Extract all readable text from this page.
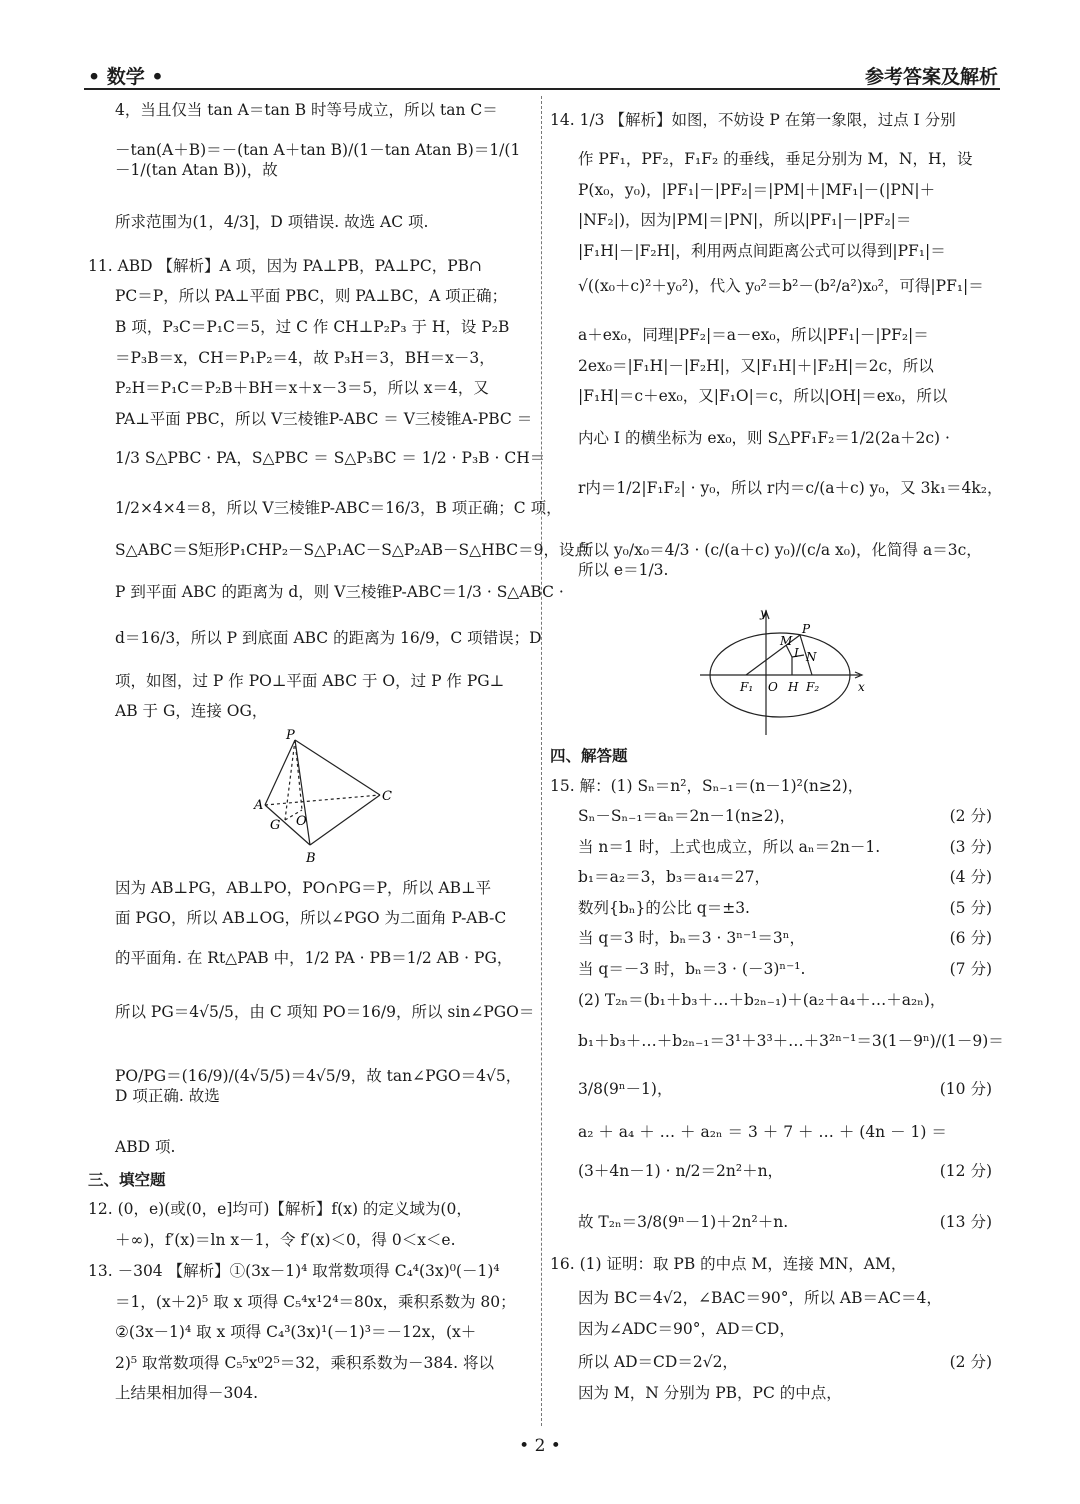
• 数学 •	参考答案及解析
4，当且仅当 tan A＝tan B 时等号成立，所以 tan C＝
－tan(A＋B)＝－(tan A＋tan B)/(1－tan Atan B)＝1/(1－1/(tan Atan B))，故
所求范围为(1，4/3]，D 项错误. 故选 AC 项.
11. ABD 【解析】A 项，因为 PA⊥PB，PA⊥PC，PB∩
PC＝P，所以 PA⊥平面 PBC，则 PA⊥BC，A 项正确；
B 项，P₃C＝P₁C＝5，过 C 作 CH⊥P₂P₃ 于 H，设 P₂B
＝P₃B＝x，CH＝P₁P₂＝4，故 P₃H＝3，BH＝x－3，
P₂H＝P₁C＝P₂B＋BH＝x＋x－3＝5，所以 x＝4，又
PA⊥平面 PBC，所以 V三棱锥P-ABC ＝ V三棱锥A-PBC ＝
1/3 S△PBC · PA，S△PBC ＝ S△P₃BC ＝ 1/2 · P₃B · CH＝
1/2×4×4＝8，所以 V三棱锥P-ABC＝16/3，B 项正确；C 项，
S△ABC＝S矩形P₁CHP₂－S△P₁AC－S△P₂AB－S△HBC＝9，设点
P 到平面 ABC 的距离为 d，则 V三棱锥P-ABC＝1/3 · S△ABC ·
d＝16/3，所以 P 到底面 ABC 的距离为 16/9，C 项错误；D
项，如图，过 P 作 PO⊥平面 ABC 于 O，过 P 作 PG⊥
AB 于 G，连接 OG，
因为 AB⊥PG，AB⊥PO，PO∩PG＝P，所以 AB⊥平
面 PGO，所以 AB⊥OG，所以∠PGO 为二面角 P-AB-C
的平面角. 在 Rt△PAB 中，1/2 PA · PB＝1/2 AB · PG，
所以 PG＝4√5/5，由 C 项知 PO＝16/9，所以 sin∠PGO＝
PO/PG＝(16/9)/(4√5/5)＝4√5/9，故 tan∠PGO＝4√5，D 项正确. 故选
ABD 项.
三、填空题
12. (0，e)(或(0，e]均可)【解析】f(x) 的定义域为(0，
＋∞)，f′(x)＝ln x－1，令 f′(x)＜0，得 0＜x＜e.
13. －304 【解析】①(3x－1)⁴ 取常数项得 C₄⁴(3x)⁰(－1)⁴
＝1，(x＋2)⁵ 取 x 项得 C₅⁴x¹2⁴＝80x，乘积系数为 80；
②(3x－1)⁴ 取 x 项得 C₄³(3x)¹(－1)³＝－12x，(x＋
2)⁵ 取常数项得 C₅⁵x⁰2⁵＝32，乘积系数为－384. 将以
上结果相加得－304.
14. 1/3 【解析】如图，不妨设 P 在第一象限，过点 I 分别
作 PF₁，PF₂，F₁F₂ 的垂线，垂足分别为 M，N，H，设
P(x₀，y₀)，|PF₁|－|PF₂|＝|PM|＋|MF₁|－(|PN|＋
|NF₂|)，因为|PM|＝|PN|，所以|PF₁|－|PF₂|＝
|F₁H|－|F₂H|，利用两点间距离公式可以得到|PF₁|＝
√((x₀＋c)²＋y₀²)，代入 y₀²＝b²－(b²/a²)x₀²，可得|PF₁|＝
a＋ex₀，同理|PF₂|＝a－ex₀，所以|PF₁|－|PF₂|＝
2ex₀＝|F₁H|－|F₂H|，又|F₁H|＋|F₂H|＝2c，所以
|F₁H|＝c＋ex₀，又|F₁O|＝c，所以|OH|＝ex₀，所以
内心 I 的横坐标为 ex₀，则 S△PF₁F₂＝1/2(2a＋2c) ·
r内＝1/2|F₁F₂| · y₀，所以 r内＝c/(a＋c) y₀，又 3k₁＝4k₂，
所以 y₀/x₀＝4/3 · (c/(a＋c) y₀)/(c/a x₀)，化简得 a＝3c，所以 e＝1/3.
四、解答题
15. 解：(1) Sₙ＝n²，Sₙ₋₁＝(n－1)²(n≥2)，
Sₙ－Sₙ₋₁＝aₙ＝2n－1(n≥2)，
当 n＝1 时，上式也成立，所以 aₙ＝2n－1.
b₁＝a₂＝3，b₃＝a₁₄＝27，
数列{bₙ}的公比 q＝±3.
当 q＝3 时，bₙ＝3 · 3ⁿ⁻¹＝3ⁿ，
当 q＝－3 时，bₙ＝3 · (－3)ⁿ⁻¹.
(2) T₂ₙ＝(b₁＋b₃＋…＋b₂ₙ₋₁)＋(a₂＋a₄＋…＋a₂ₙ)，
b₁＋b₃＋…＋b₂ₙ₋₁＝3¹＋3³＋…＋3²ⁿ⁻¹＝3(1－9ⁿ)/(1－9)＝
3/8(9ⁿ－1)，
a₂ ＋ a₄ ＋ … ＋ a₂ₙ ＝ 3 ＋ 7 ＋ … ＋ (4n － 1) ＝
(3＋4n－1) · n/2＝2n²＋n，
故 T₂ₙ＝3/8(9ⁿ－1)＋2n²＋n.
16. (1) 证明：取 PB 的中点 M，连接 MN，AM，
因为 BC＝4√2，∠BAC＝90°，所以 AB＝AC＝4，
因为∠ADC＝90°，AD＝CD，
所以 AD＝CD＝2√2，
因为 M，N 分别为 PB，PC 的中点，
(2 分)
(3 分)
(4 分)
(5 分)
(6 分)
(7 分)
(10 分)
(12 分)
(13 分)
(2 分)
P
A
C
G O
B
y
P
M
I N
F₁ O H F₂	x
• 2 •
